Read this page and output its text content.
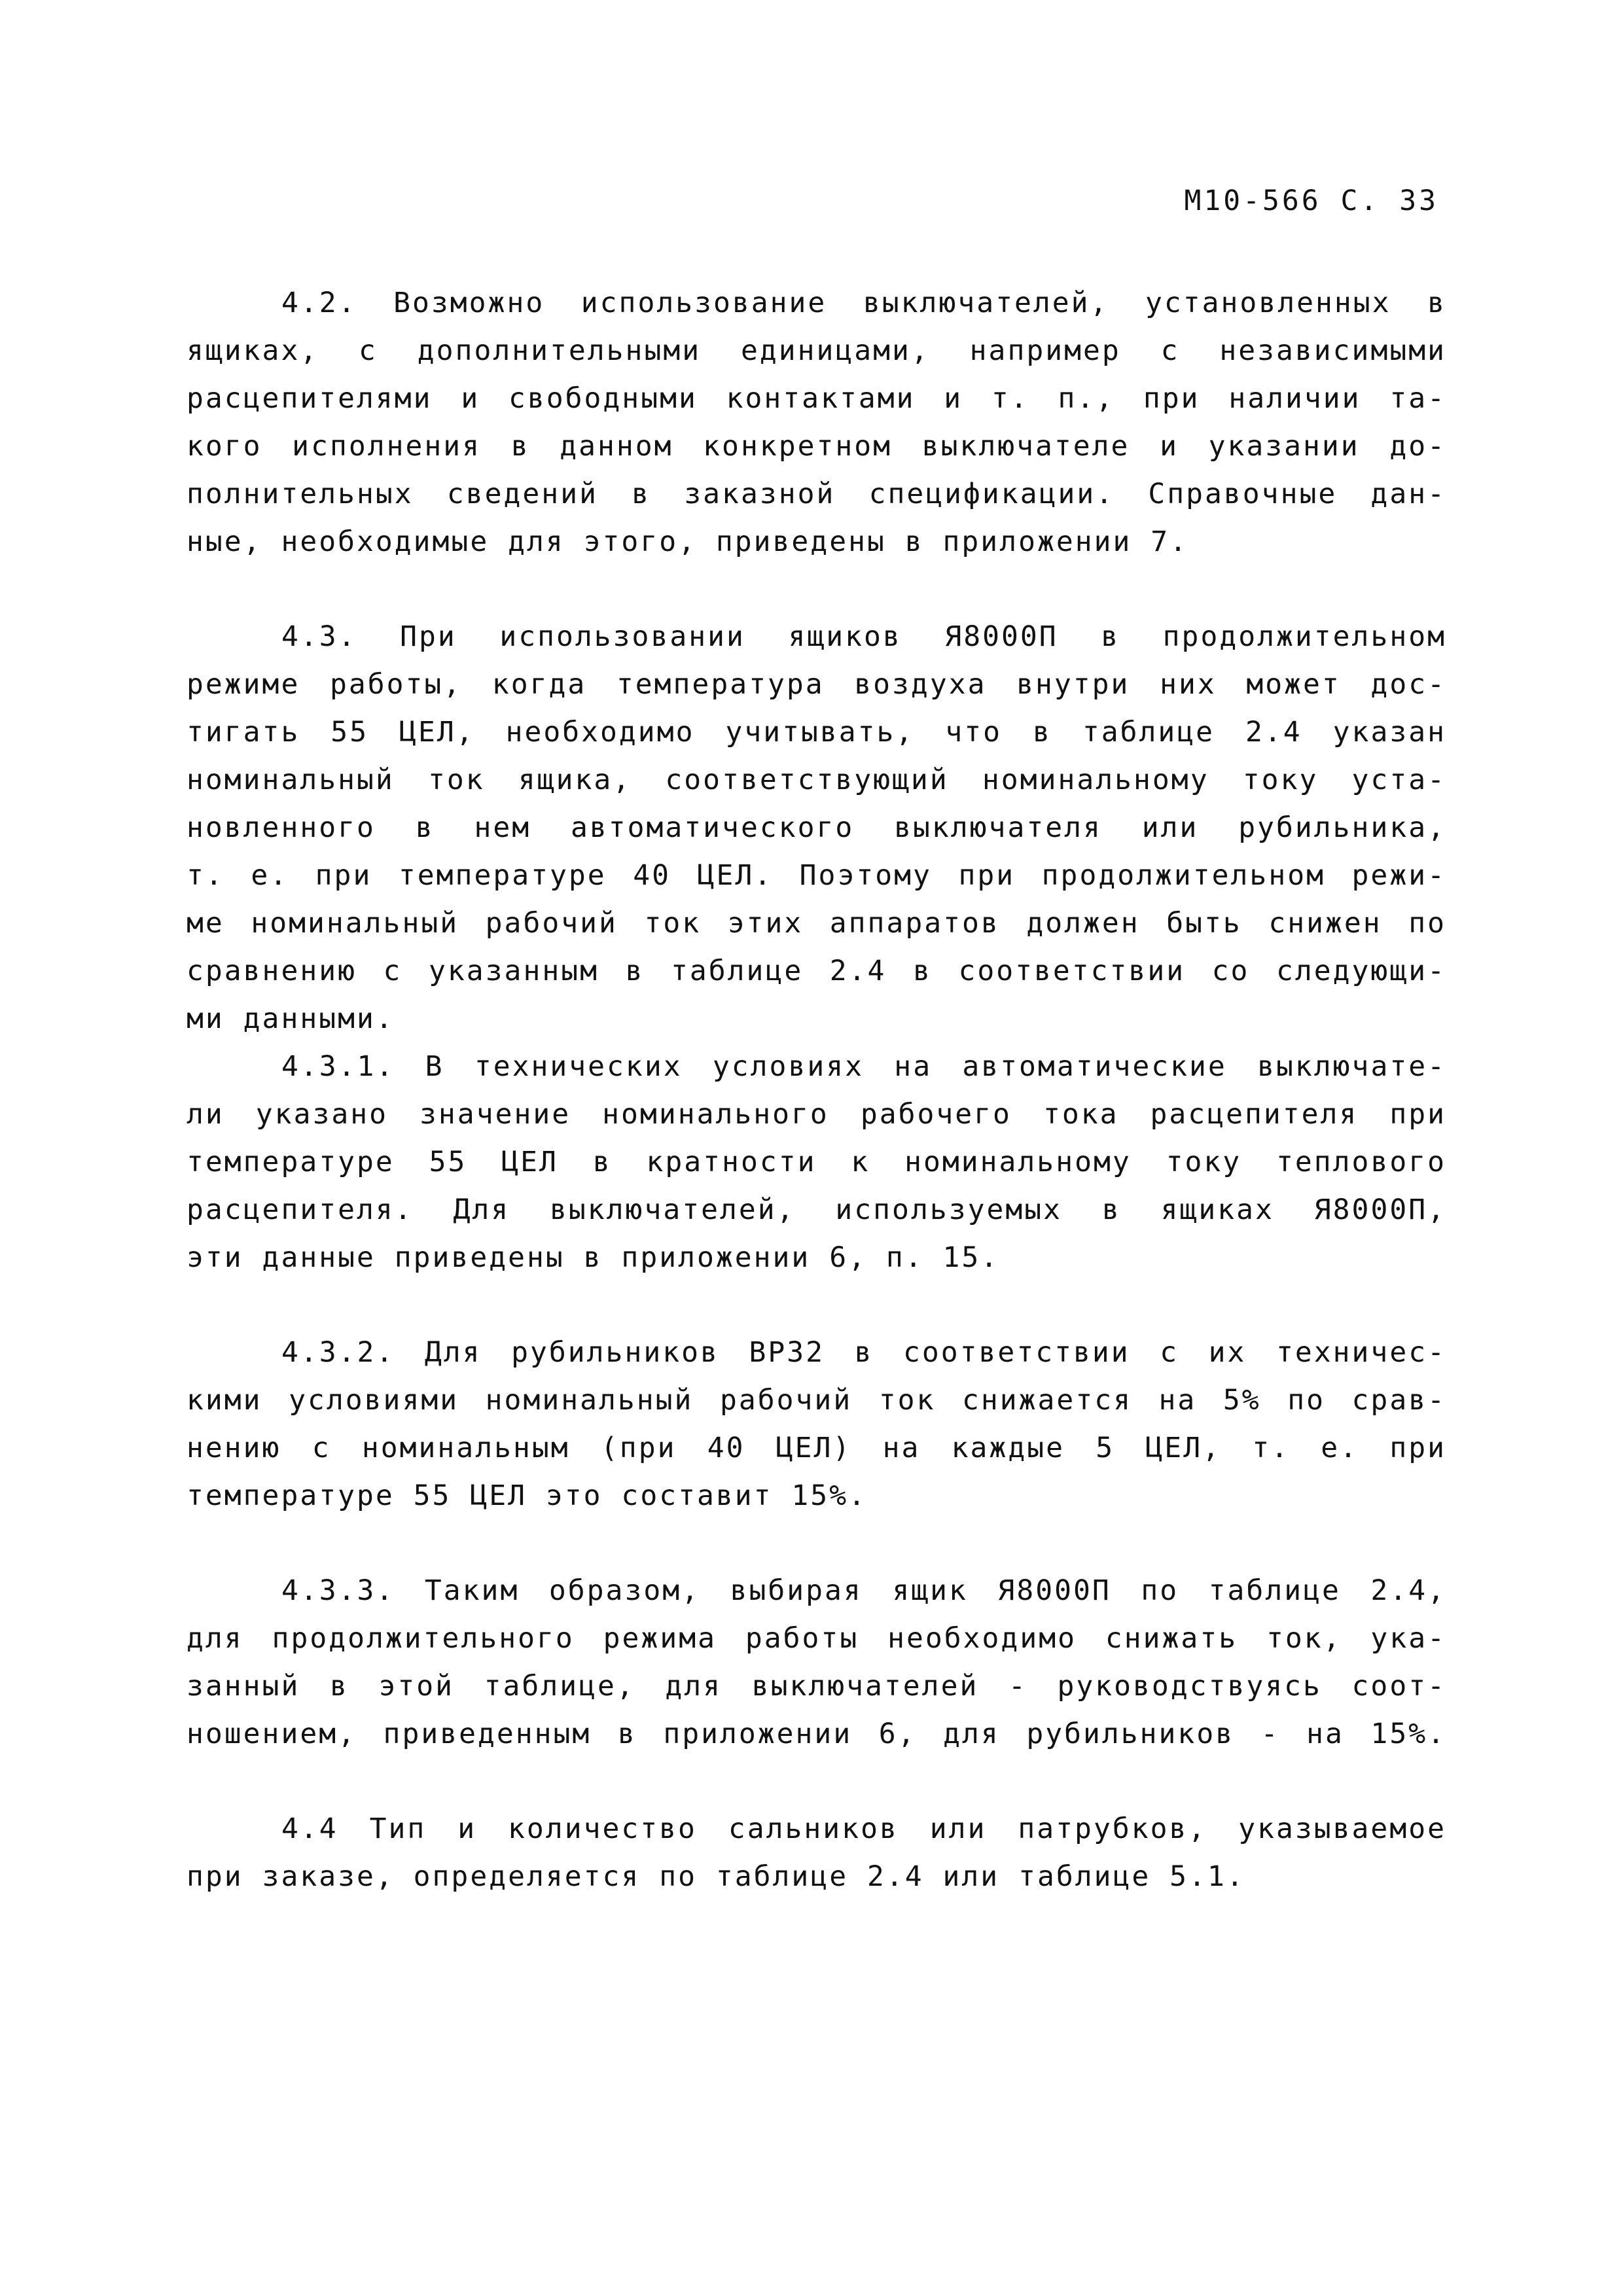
М10-566 С. 33
4.2. Возможно использование выключателей, установленных в
ящиках, с дополнительными единицами, например с независимыми
расцепителями и свободными контактами и т. п., при наличии та-
кого исполнения в данном конкретном выключателе и указании до-
полнительных сведений в заказной спецификации. Справочные дан-
ные, необходимые для этого, приведены в приложении 7.
4.3. При использовании ящиков Я8000П в продолжительном
режиме работы, когда температура воздуха внутри них может дос-
тигать 55 ЦЕЛ, необходимо учитывать, что в таблице 2.4 указан
номинальный ток ящика, соответствующий номинальному току уста-
новленного в нем автоматического выключателя или рубильника,
т. е. при температуре 40 ЦЕЛ. Поэтому при продолжительном режи-
ме номинальный рабочий ток этих аппаратов должен быть снижен по
сравнению с указанным в таблице 2.4 в соответствии со следующи-
ми данными.
4.3.1. В технических условиях на автоматические выключате-
ли указано значение номинального рабочего тока расцепителя при
температуре 55 ЦЕЛ в кратности к номинальному току теплового
расцепителя. Для выключателей, используемых в ящиках Я8000П,
эти данные приведены в приложении 6, п. 15.
4.3.2. Для рубильников ВР32 в соответствии с их техничес-
кими условиями номинальный рабочий ток снижается на 5% по срав-
нению с номинальным (при 40 ЦЕЛ) на каждые 5 ЦЕЛ, т. е. при
температуре 55 ЦЕЛ это составит 15%.
4.3.3. Таким образом, выбирая ящик Я8000П по таблице 2.4,
для продолжительного режима работы необходимо снижать ток, ука-
занный в этой таблице, для выключателей - руководствуясь соот-
ношением, приведенным в приложении 6, для рубильников - на 15%.
4.4 Тип и количество сальников или патрубков, указываемое
при заказе, определяется по таблице 2.4 или таблице 5.1.
